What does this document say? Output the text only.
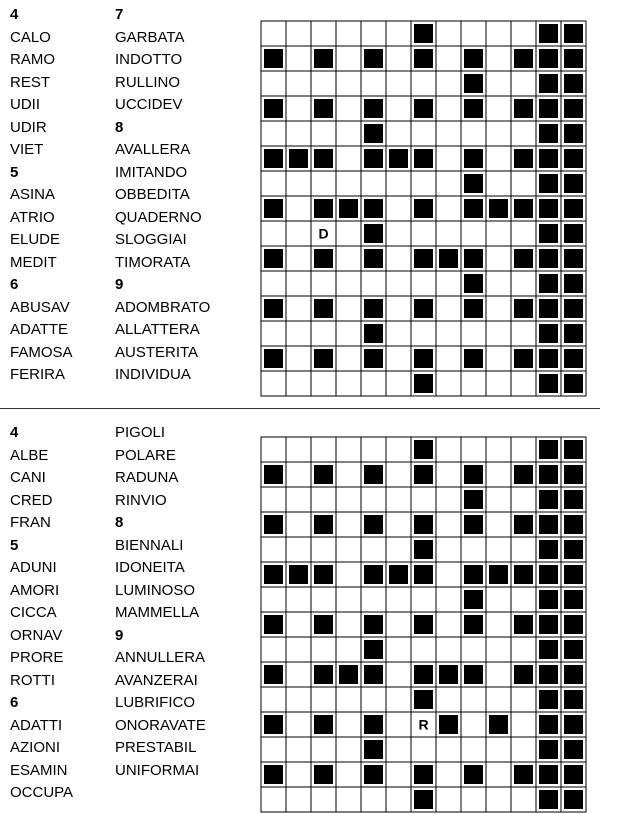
4
CALO
RAMO
REST
UDII
UDIR
VIET
5
ASINA
ATRIO
ELUDE
MEDIT
6
ABUSAV
ADATTE
FAMOSA
FERIRA
7
GARBATA
INDOTTO
RULLINO
UCCIDEV
8
AVALLERA
IMITANDO
OBBEDITA
QUADERNO
SLOGGIAI
TIMORATA
9
ADOMBRATO
ALLATTERA
AUSTERITA
INDIVIDUA
D
4
ALBE
CANI
CRED
FRAN
5
ADUNI
AMORI
CICCA
ORNAV
PRORE
ROTTI
6
ADATTI
AZIONI
ESAMIN
OCCUPA
PIGOLI
POLARE
RADUNA
RINVIO
8
BIENNALI
IDONEITA
LUMINOSO
MAMMELLA
9
ANNULLERA
AVANZERAI
LUBRIFICO
ONORAVATE
PRESTABIL
UNIFORMAI
R
